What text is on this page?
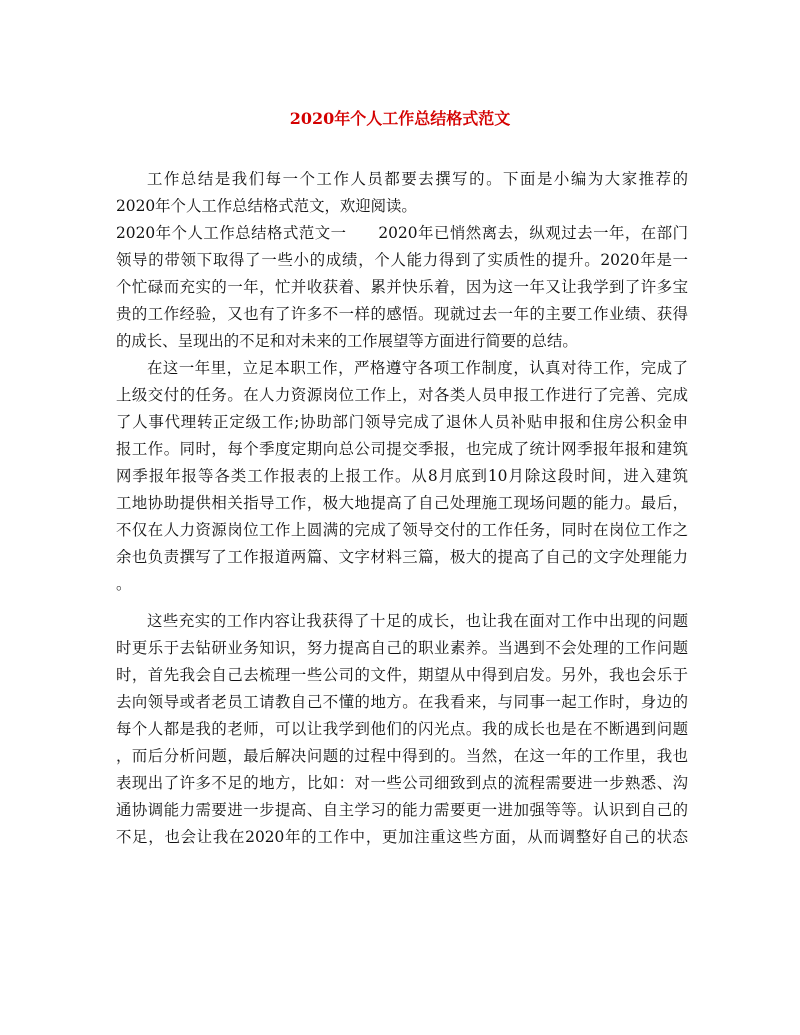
2020年个人工作总结格式范文

工作总结是我们每一个工作人员都要去撰写的。下面是小编为大家推荐的

2020年个人工作总结格式范文，欢迎阅读。

2020年个人工作总结格式范文一　　2020年已悄然离去，纵观过去一年，在部门

领导的带领下取得了一些小的成绩，个人能力得到了实质性的提升。2020年是一

个忙碌而充实的一年，忙并收获着、累并快乐着，因为这一年又让我学到了许多宝

贵的工作经验，又也有了许多不一样的感悟。现就过去一年的主要工作业绩、获得

的成长、呈现出的不足和对未来的工作展望等方面进行简要的总结。

在这一年里，立足本职工作，严格遵守各项工作制度，认真对待工作，完成了

上级交付的任务。在人力资源岗位工作上，对各类人员申报工作进行了完善、完成

了人事代理转正定级工作;协助部门领导完成了退休人员补贴申报和住房公积金申

报工作。同时，每个季度定期向总公司提交季报，也完成了统计网季报年报和建筑

网季报年报等各类工作报表的上报工作。从8月底到10月除这段时间，进入建筑

工地协助提供相关指导工作，极大地提高了自己处理施工现场问题的能力。最后，

不仅在人力资源岗位工作上圆满的完成了领导交付的工作任务，同时在岗位工作之

余也负责撰写了工作报道两篇、文字材料三篇，极大的提高了自己的文字处理能力

。

这些充实的工作内容让我获得了十足的成长，也让我在面对工作中出现的问题

时更乐于去钻研业务知识，努力提高自己的职业素养。当遇到不会处理的工作问题

时，首先我会自己去梳理一些公司的文件，期望从中得到启发。另外，我也会乐于

去向领导或者老员工请教自己不懂的地方。在我看来，与同事一起工作时，身边的

每个人都是我的老师，可以让我学到他们的闪光点。我的成长也是在不断遇到问题

，而后分析问题，最后解决问题的过程中得到的。当然，在这一年的工作里，我也

表现出了许多不足的地方，比如：对一些公司细致到点的流程需要进一步熟悉、沟

通协调能力需要进一步提高、自主学习的能力需要更一进加强等等。认识到自己的

不足，也会让我在2020年的工作中，更加注重这些方面，从而调整好自己的状态
